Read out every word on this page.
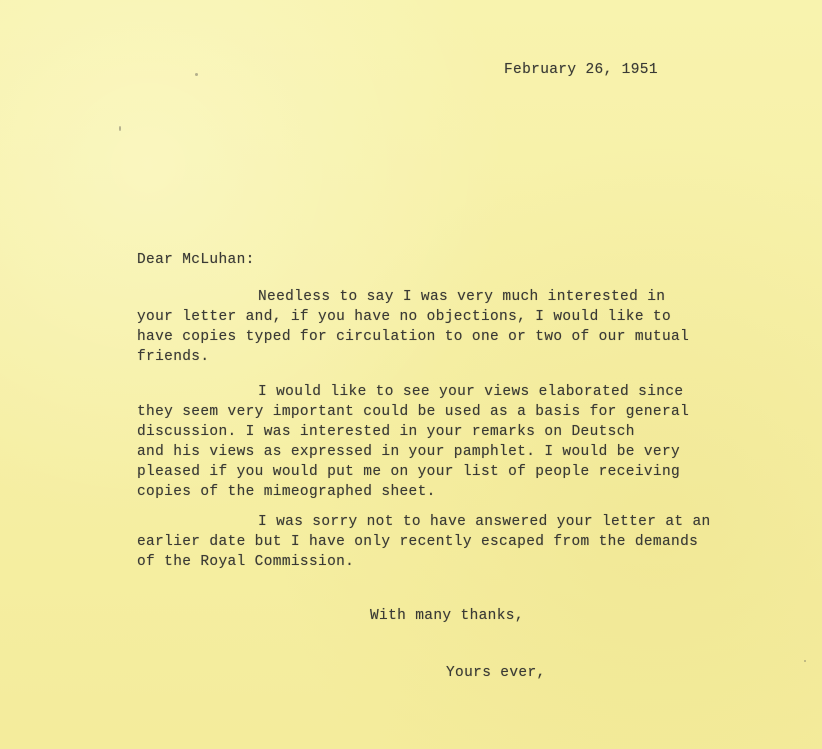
February 26, 1951
Dear McLuhan:
Needless to say I was very much interested in
your letter and, if you have no objections, I would like to
have copies typed for circulation to one or two of our mutual
friends.
I would like to see your views elaborated since
they seem very important could be used as a basis for general
discussion. I was interested in your remarks on Deutsch
and his views as expressed in your pamphlet. I would be very
pleased if you would put me on your list of people receiving
copies of the mimeographed sheet.
I was sorry not to have answered your letter at an
earlier date but I have only recently escaped from the demands
of the Royal Commission.
With many thanks,
Yours ever,
